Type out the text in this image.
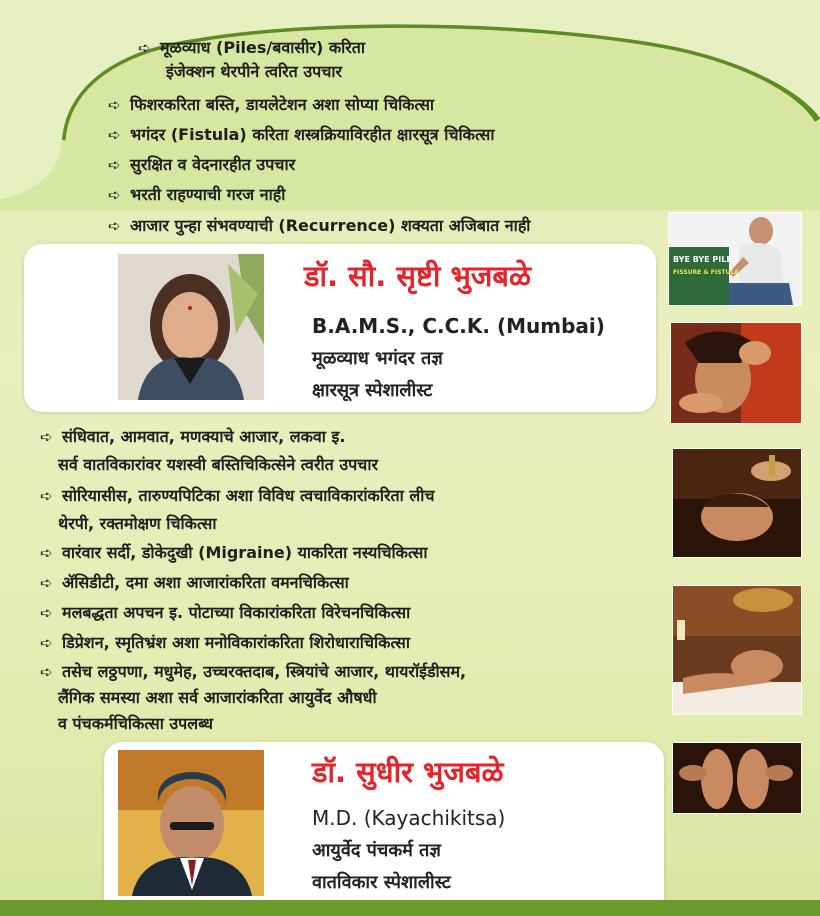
➪ मूळव्याध (Piles/बवासीर) करिता
इंजेक्शन थेरपीने त्वरित उपचार
➪ फिशरकरिता बस्ति, डायलेटेशन अशा सोप्या चिकित्सा
➪ भगंदर (Fistula) करिता शस्त्रक्रियाविरहीत क्षारसूत्र चिकित्सा
➪ सुरक्षित व वेदनारहीत उपचार
➪ भरती राहण्याची गरज नाही
➪ आजार पुन्हा संभवण्याची (Recurrence) शक्यता अजिबात नाही
डॉ. सौ. सृष्टी भुजबळे
B.A.M.S., C.C.K. (Mumbai)
मूळव्याध भगंदर तज्ञ
क्षारसूत्र स्पेशालीस्ट
➪ संधिवात, आमवात, मणक्याचे आजार, लकवा इ.
सर्व वातविकारांवर यशस्वी बस्तिचिकित्सेने त्वरीत उपचार
➪ सोरियासीस, तारुण्यपिटिका अशा विविध त्वचाविकारांकरिता लीच
थेरपी, रक्तमोक्षण चिकित्सा
➪ वारंवार सर्दी, डोकेदुखी (Migraine) याकरिता नस्यचिकित्सा
➪ ॲसिडीटी, दमा अशा आजारांकरिता वमनचिकित्सा
➪ मलबद्धता अपचन इ. पोटाच्या विकारांकरिता विरेचनचिकित्सा
➪ डिप्रेशन, स्मृतिभ्रंश अशा मनोविकारांकरिता शिरोधाराचिकित्सा
➪ तसेच लठ्ठपणा, मधुमेह, उच्चरक्तदाब, स्त्रियांचे आजार, थायरॉईडीसम,
लैंगिक समस्या अशा सर्व आजारांकरिता आयुर्वेद औषधी
व पंचकर्मचिकित्सा उपलब्ध
डॉ. सुधीर भुजबळे
M.D. (Kayachikitsa)
आयुर्वेद पंचकर्म तज्ञ
वातविकार स्पेशालीस्ट
BYE BYE PILES
FISSURE & FISTULA
